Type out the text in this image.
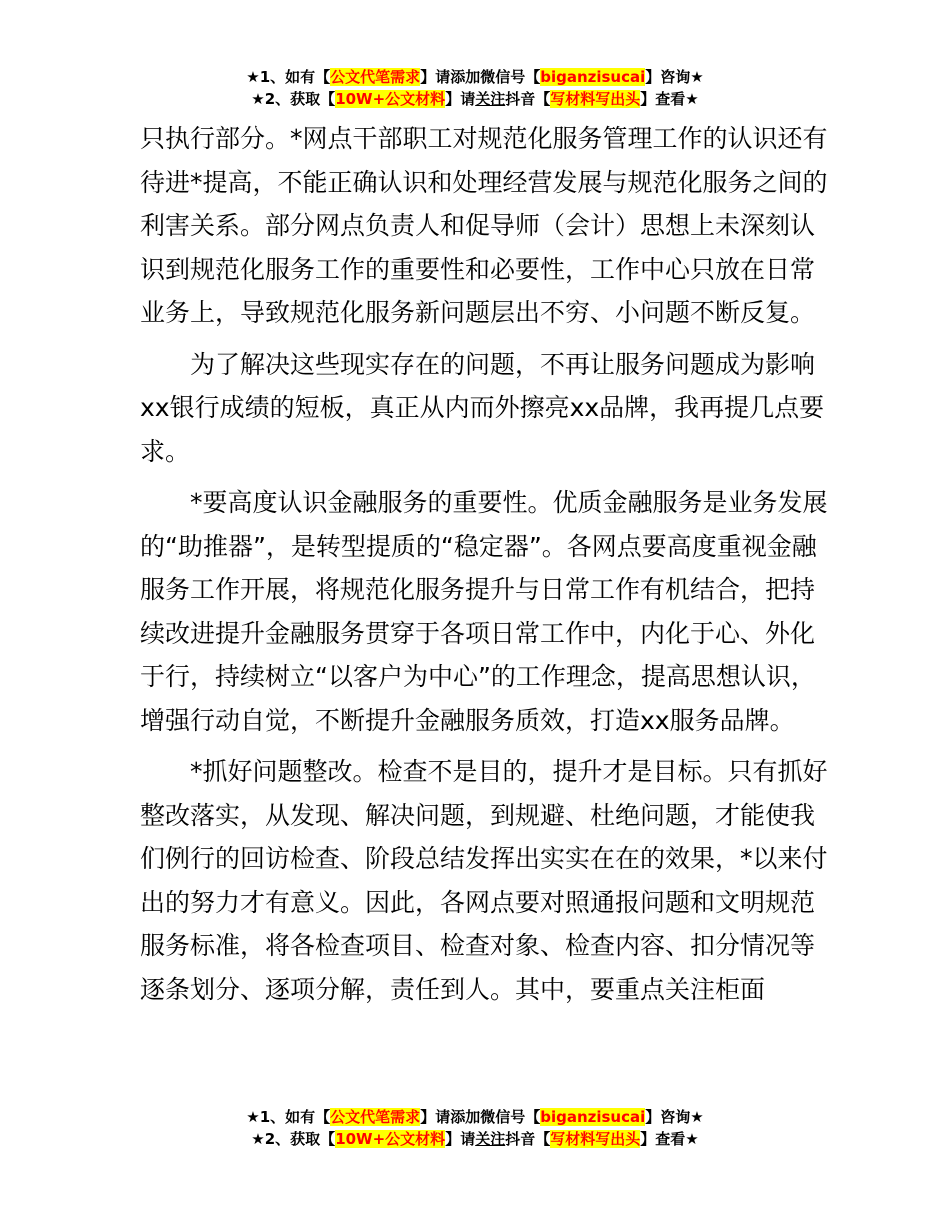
★1、如有【公文代笔需求】请添加微信号【biganzisucai】咨询★
★2、获取【10W+公文材料】请关注抖音【写材料写出头】查看★

只执行部分。*网点干部职工对规范化服务管理工作的认识还有待进*提高，不能正确认识和处理经营发展与规范化服务之间的利害关系。部分网点负责人和促导师（会计）思想上未深刻认识到规范化服务工作的重要性和必要性，工作中心只放在日常业务上，导致规范化服务新问题层出不穷、小问题不断反复。

为了解决这些现实存在的问题，不再让服务问题成为影响xx银行成绩的短板，真正从内而外擦亮xx品牌，我再提几点要求。

*要高度认识金融服务的重要性。优质金融服务是业务发展的“助推器”，是转型提质的“稳定器”。各网点要高度重视金融服务工作开展，将规范化服务提升与日常工作有机结合，把持续改进提升金融服务贯穿于各项日常工作中，内化于心、外化于行，持续树立“以客户为中心”的工作理念，提高思想认识，增强行动自觉，不断提升金融服务质效，打造xx服务品牌。

*抓好问题整改。检查不是目的，提升才是目标。只有抓好整改落实，从发现、解决问题，到规避、杜绝问题，才能使我们例行的回访检查、阶段总结发挥出实实在在的效果，*以来付出的努力才有意义。因此，各网点要对照通报问题和文明规范服务标准，将各检查项目、检查对象、检查内容、扣分情况等逐条划分、逐项分解，责任到人。其中，要重点关注柜面

★1、如有【公文代笔需求】请添加微信号【biganzisucai】咨询★
★2、获取【10W+公文材料】请关注抖音【写材料写出头】查看★
